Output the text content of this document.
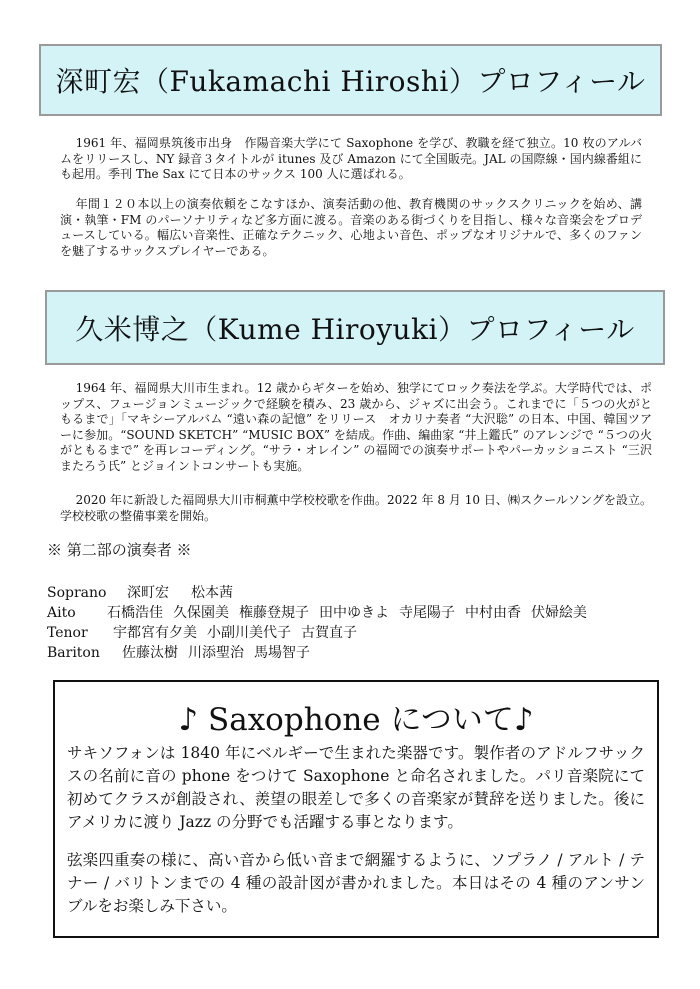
深町宏（Fukamachi Hiroshi）プロフィール

1961 年、福岡県筑後市出身　作陽音楽大学にて Saxophone を学び、教職を経て独立。10 枚のアルバムをリリースし、NY 録音３タイトルが itunes 及び Amazon にて全国販売。JAL の国際線・国内線番組にも起用。季刊 The Sax にて日本のサックス 100 人に選ばれる。

年間１２０本以上の演奏依頼をこなすほか、演奏活動の他、教育機関のサックスクリニックを始め、講演・執筆・FM のパーソナリティなど多方面に渡る。音楽のある街づくりを目指し、様々な音楽会をプロデュースしている。幅広い音楽性、正確なテクニック、心地よい音色、ポップなオリジナルで、多くのファンを魅了するサックスプレイヤーである。

久米博之（Kume Hiroyuki）プロフィール

1964 年、福岡県大川市生まれ。12 歳からギターを始め、独学にてロック奏法を学ぶ。大学時代では、ポップス、フュージョンミュージックで経験を積み、23 歳から、ジャズに出会う。これまでに「５つの火がともるまで」「マキシーアルバム “遠い森の記憶” をリリース　オカリナ奏者 “大沢聡” の日本、中国、韓国ツアーに参加。“SOUND SKETCH” “MUSIC BOX” を結成。作曲、編曲家 “井上鑑氏” のアレンジで “５つの火がともるまで” を再レコーディング。“サラ・オレイン” の福岡での演奏サポートやパーカッショニスト “三沢またろう氏” とジョイントコンサートも実施。

2020 年に新設した福岡県大川市桐薫中学校校歌を作曲。2022 年 8 月 10 日、㈱スクールソングを設立。学校校歌の整備事業を開始。

※ 第二部の演奏者 ※

Soprano 深町宏 松本茜
Aito 石橋浩佳 久保園美 権藤登規子 田中ゆきよ 寺尾陽子 中村由香 伏婦絵美
Tenor 宇都宮有夕美 小副川美代子 古賀直子
Bariton 佐藤汰樹 川添聖治 馬場智子

♪ Saxophone について♪

サキソフォンは 1840 年にベルギーで生まれた楽器です。製作者のアドルフサックスの名前に音の phone をつけて Saxophone と命名されました。パリ音楽院にて初めてクラスが創設され、羨望の眼差しで多くの音楽家が賛辞を送りました。後にアメリカに渡り Jazz の分野でも活躍する事となります。

弦楽四重奏の様に、高い音から低い音まで網羅するように、ソプラノ / アルト / テナー / バリトンまでの 4 種の設計図が書かれました。本日はその 4 種のアンサンブルをお楽しみ下さい。
